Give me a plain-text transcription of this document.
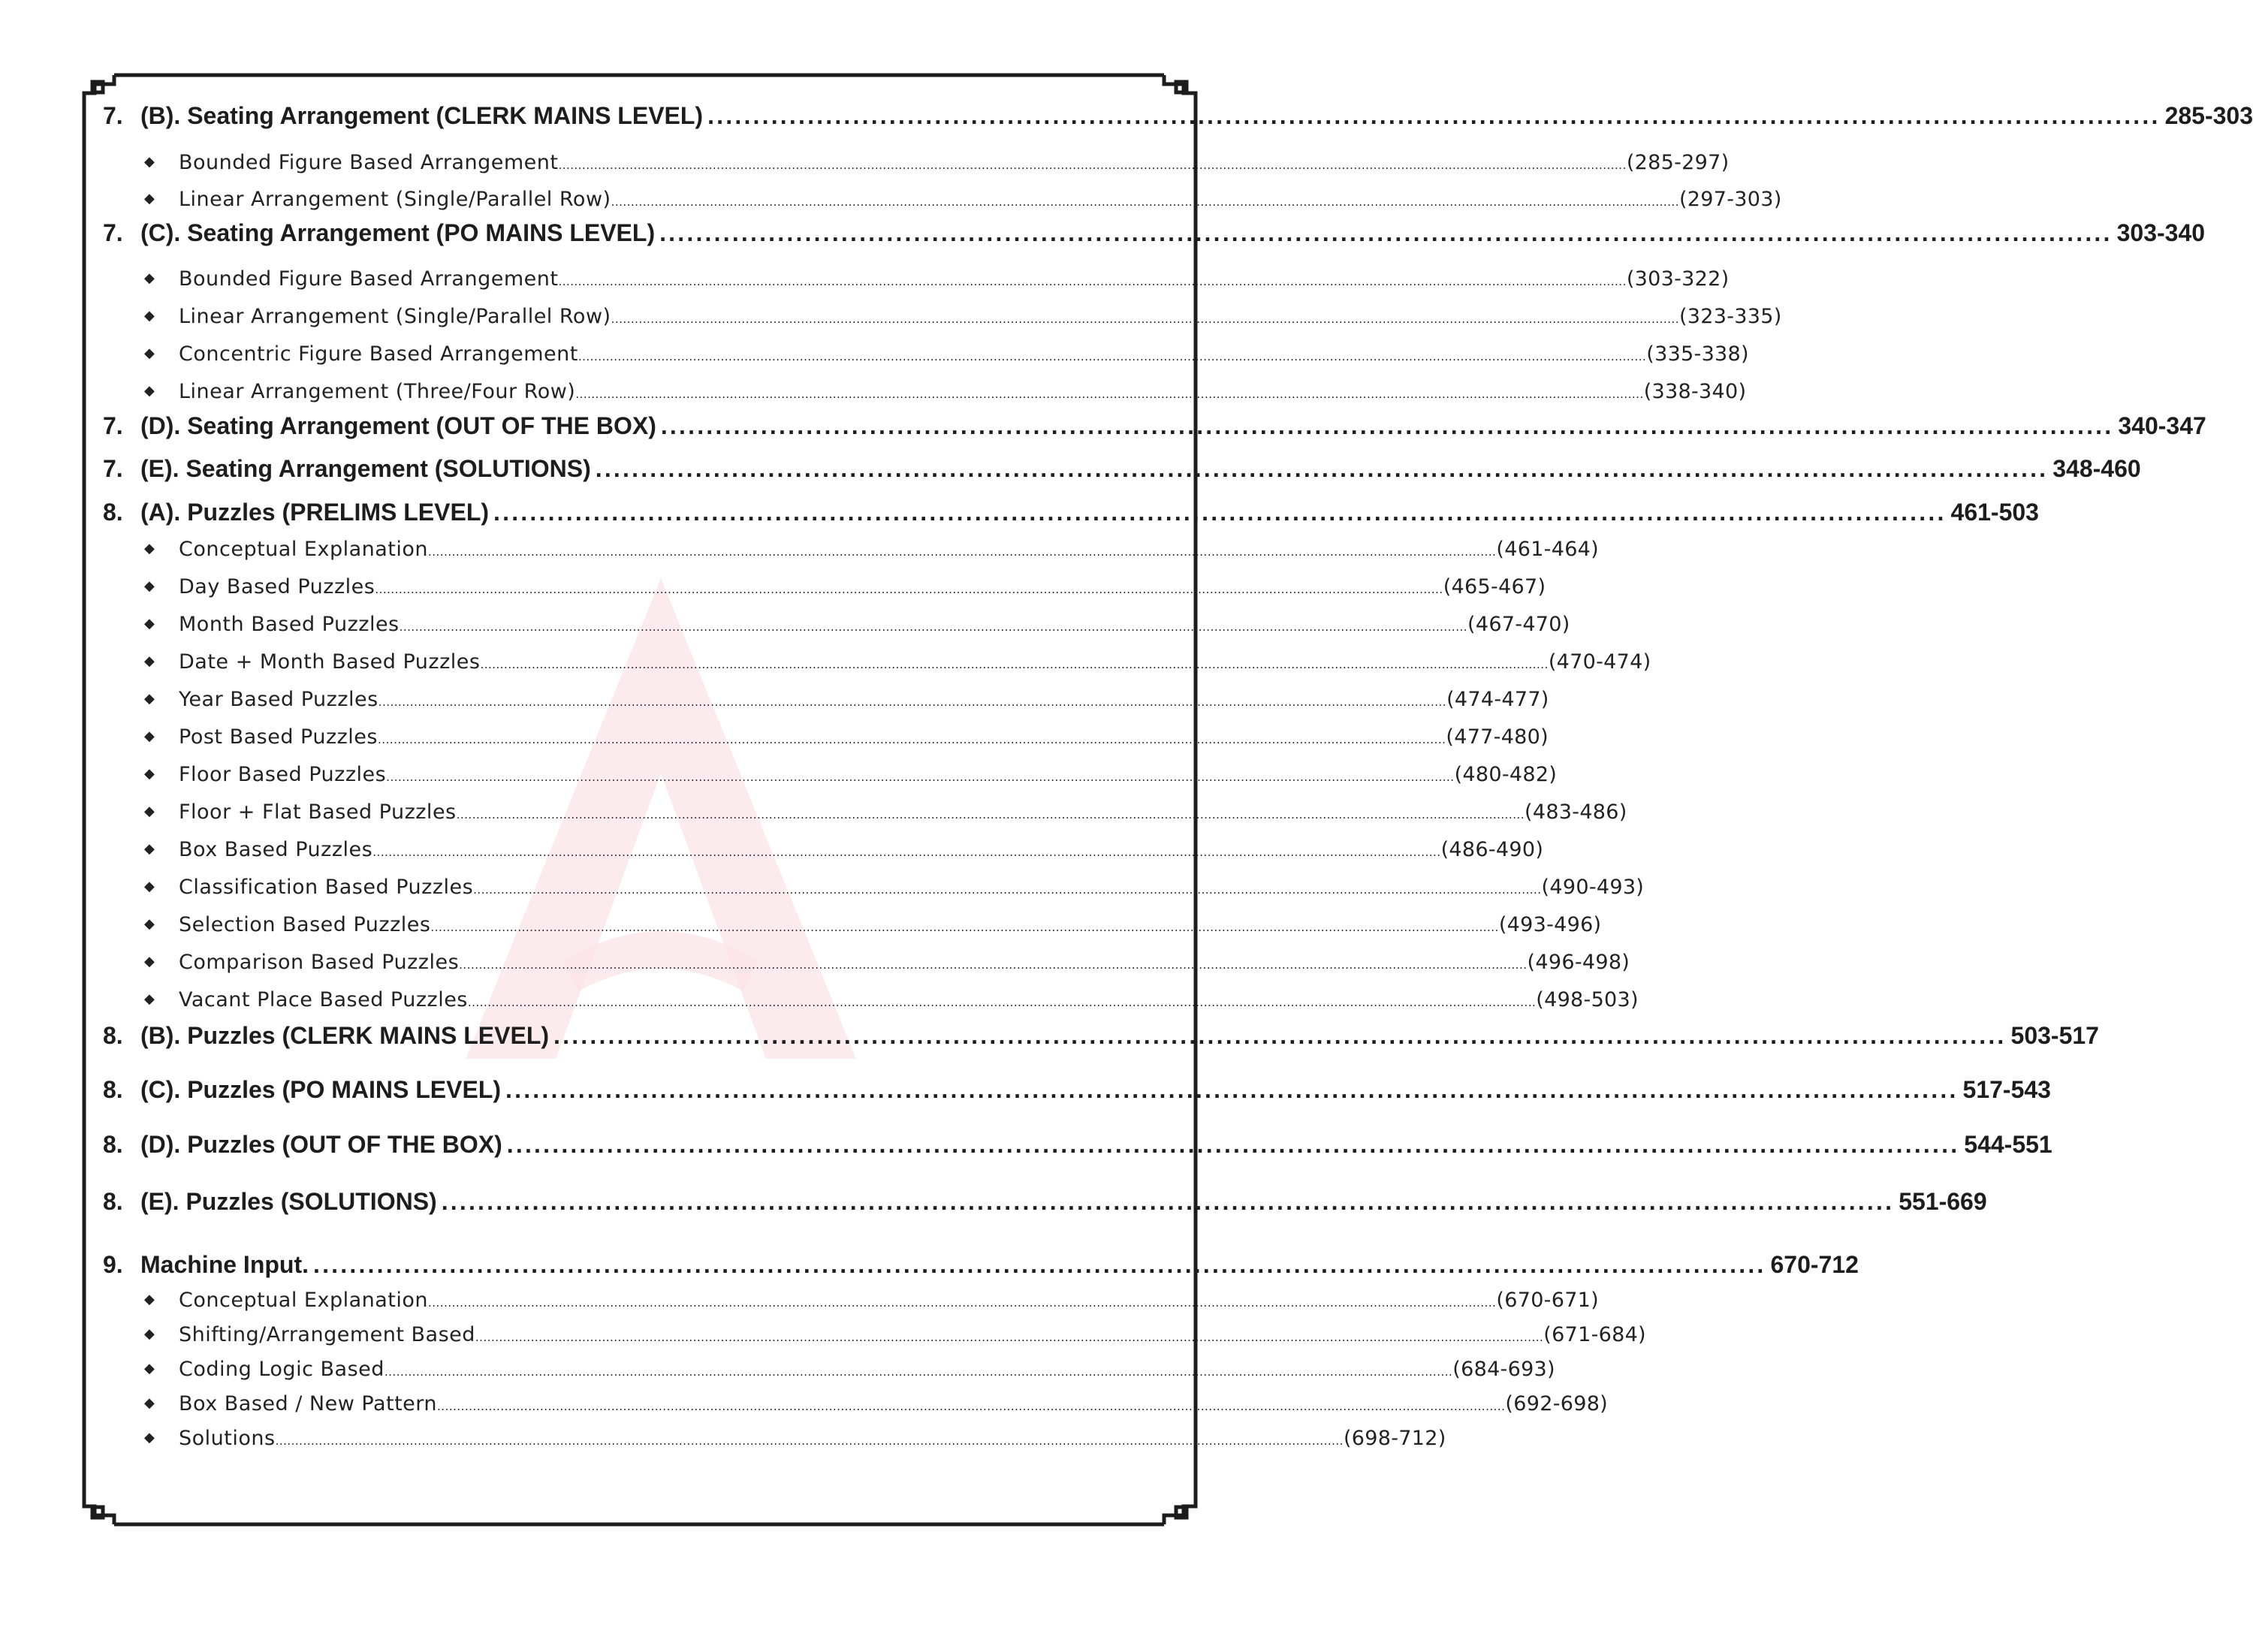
7. (B). Seating Arrangement (CLERK MAINS LEVEL) ................................................................................................................................................................ 285-303
◆	Bounded Figure Based Arrangement .............................................................................................................................................................................................................................................................................. (285-297)
◆	Linear Arrangement (Single/Parallel Row) .............................................................................................................................................................................................................................................................................. (297-303)
7. (C). Seating Arrangement (PO MAINS LEVEL) ................................................................................................................................................................ 303-340
◆	Bounded Figure Based Arrangement .............................................................................................................................................................................................................................................................................. (303-322)
◆	Linear Arrangement (Single/Parallel Row) .............................................................................................................................................................................................................................................................................. (323-335)
◆	Concentric Figure Based Arrangement .............................................................................................................................................................................................................................................................................. (335-338)
◆	Linear Arrangement (Three/Four Row) .............................................................................................................................................................................................................................................................................. (338-340)
7. (D). Seating Arrangement (OUT OF THE BOX) ................................................................................................................................................................ 340-347
7. (E). Seating Arrangement (SOLUTIONS) ................................................................................................................................................................ 348-460
8. (A). Puzzles (PRELIMS LEVEL) ................................................................................................................................................................ 461-503
◆	Conceptual Explanation .............................................................................................................................................................................................................................................................................. (461-464)
◆	Day Based Puzzles .............................................................................................................................................................................................................................................................................. (465-467)
◆	Month Based Puzzles .............................................................................................................................................................................................................................................................................. (467-470)
◆	Date + Month Based Puzzles .............................................................................................................................................................................................................................................................................. (470-474)
◆	Year Based Puzzles .............................................................................................................................................................................................................................................................................. (474-477)
◆	Post Based Puzzles .............................................................................................................................................................................................................................................................................. (477-480)
◆	Floor Based Puzzles .............................................................................................................................................................................................................................................................................. (480-482)
◆	Floor + Flat Based Puzzles .............................................................................................................................................................................................................................................................................. (483-486)
◆	Box Based Puzzles .............................................................................................................................................................................................................................................................................. (486-490)
◆	Classification Based Puzzles .............................................................................................................................................................................................................................................................................. (490-493)
◆	Selection Based Puzzles .............................................................................................................................................................................................................................................................................. (493-496)
◆	Comparison Based Puzzles .............................................................................................................................................................................................................................................................................. (496-498)
◆	Vacant Place Based Puzzles .............................................................................................................................................................................................................................................................................. (498-503)
8. (B). Puzzles (CLERK MAINS LEVEL) ................................................................................................................................................................ 503-517
8. (C). Puzzles (PO MAINS LEVEL) ................................................................................................................................................................ 517-543
8. (D). Puzzles (OUT OF THE BOX) ................................................................................................................................................................ 544-551
8. (E). Puzzles (SOLUTIONS) ................................................................................................................................................................ 551-669
9. Machine Input. ................................................................................................................................................................ 670-712
◆	Conceptual Explanation .............................................................................................................................................................................................................................................................................. (670-671)
◆	Shifting/Arrangement Based .............................................................................................................................................................................................................................................................................. (671-684)
◆	Coding Logic Based .............................................................................................................................................................................................................................................................................. (684-693)
◆	Box Based / New Pattern .............................................................................................................................................................................................................................................................................. (692-698)
◆	Solutions .............................................................................................................................................................................................................................................................................. (698-712)
